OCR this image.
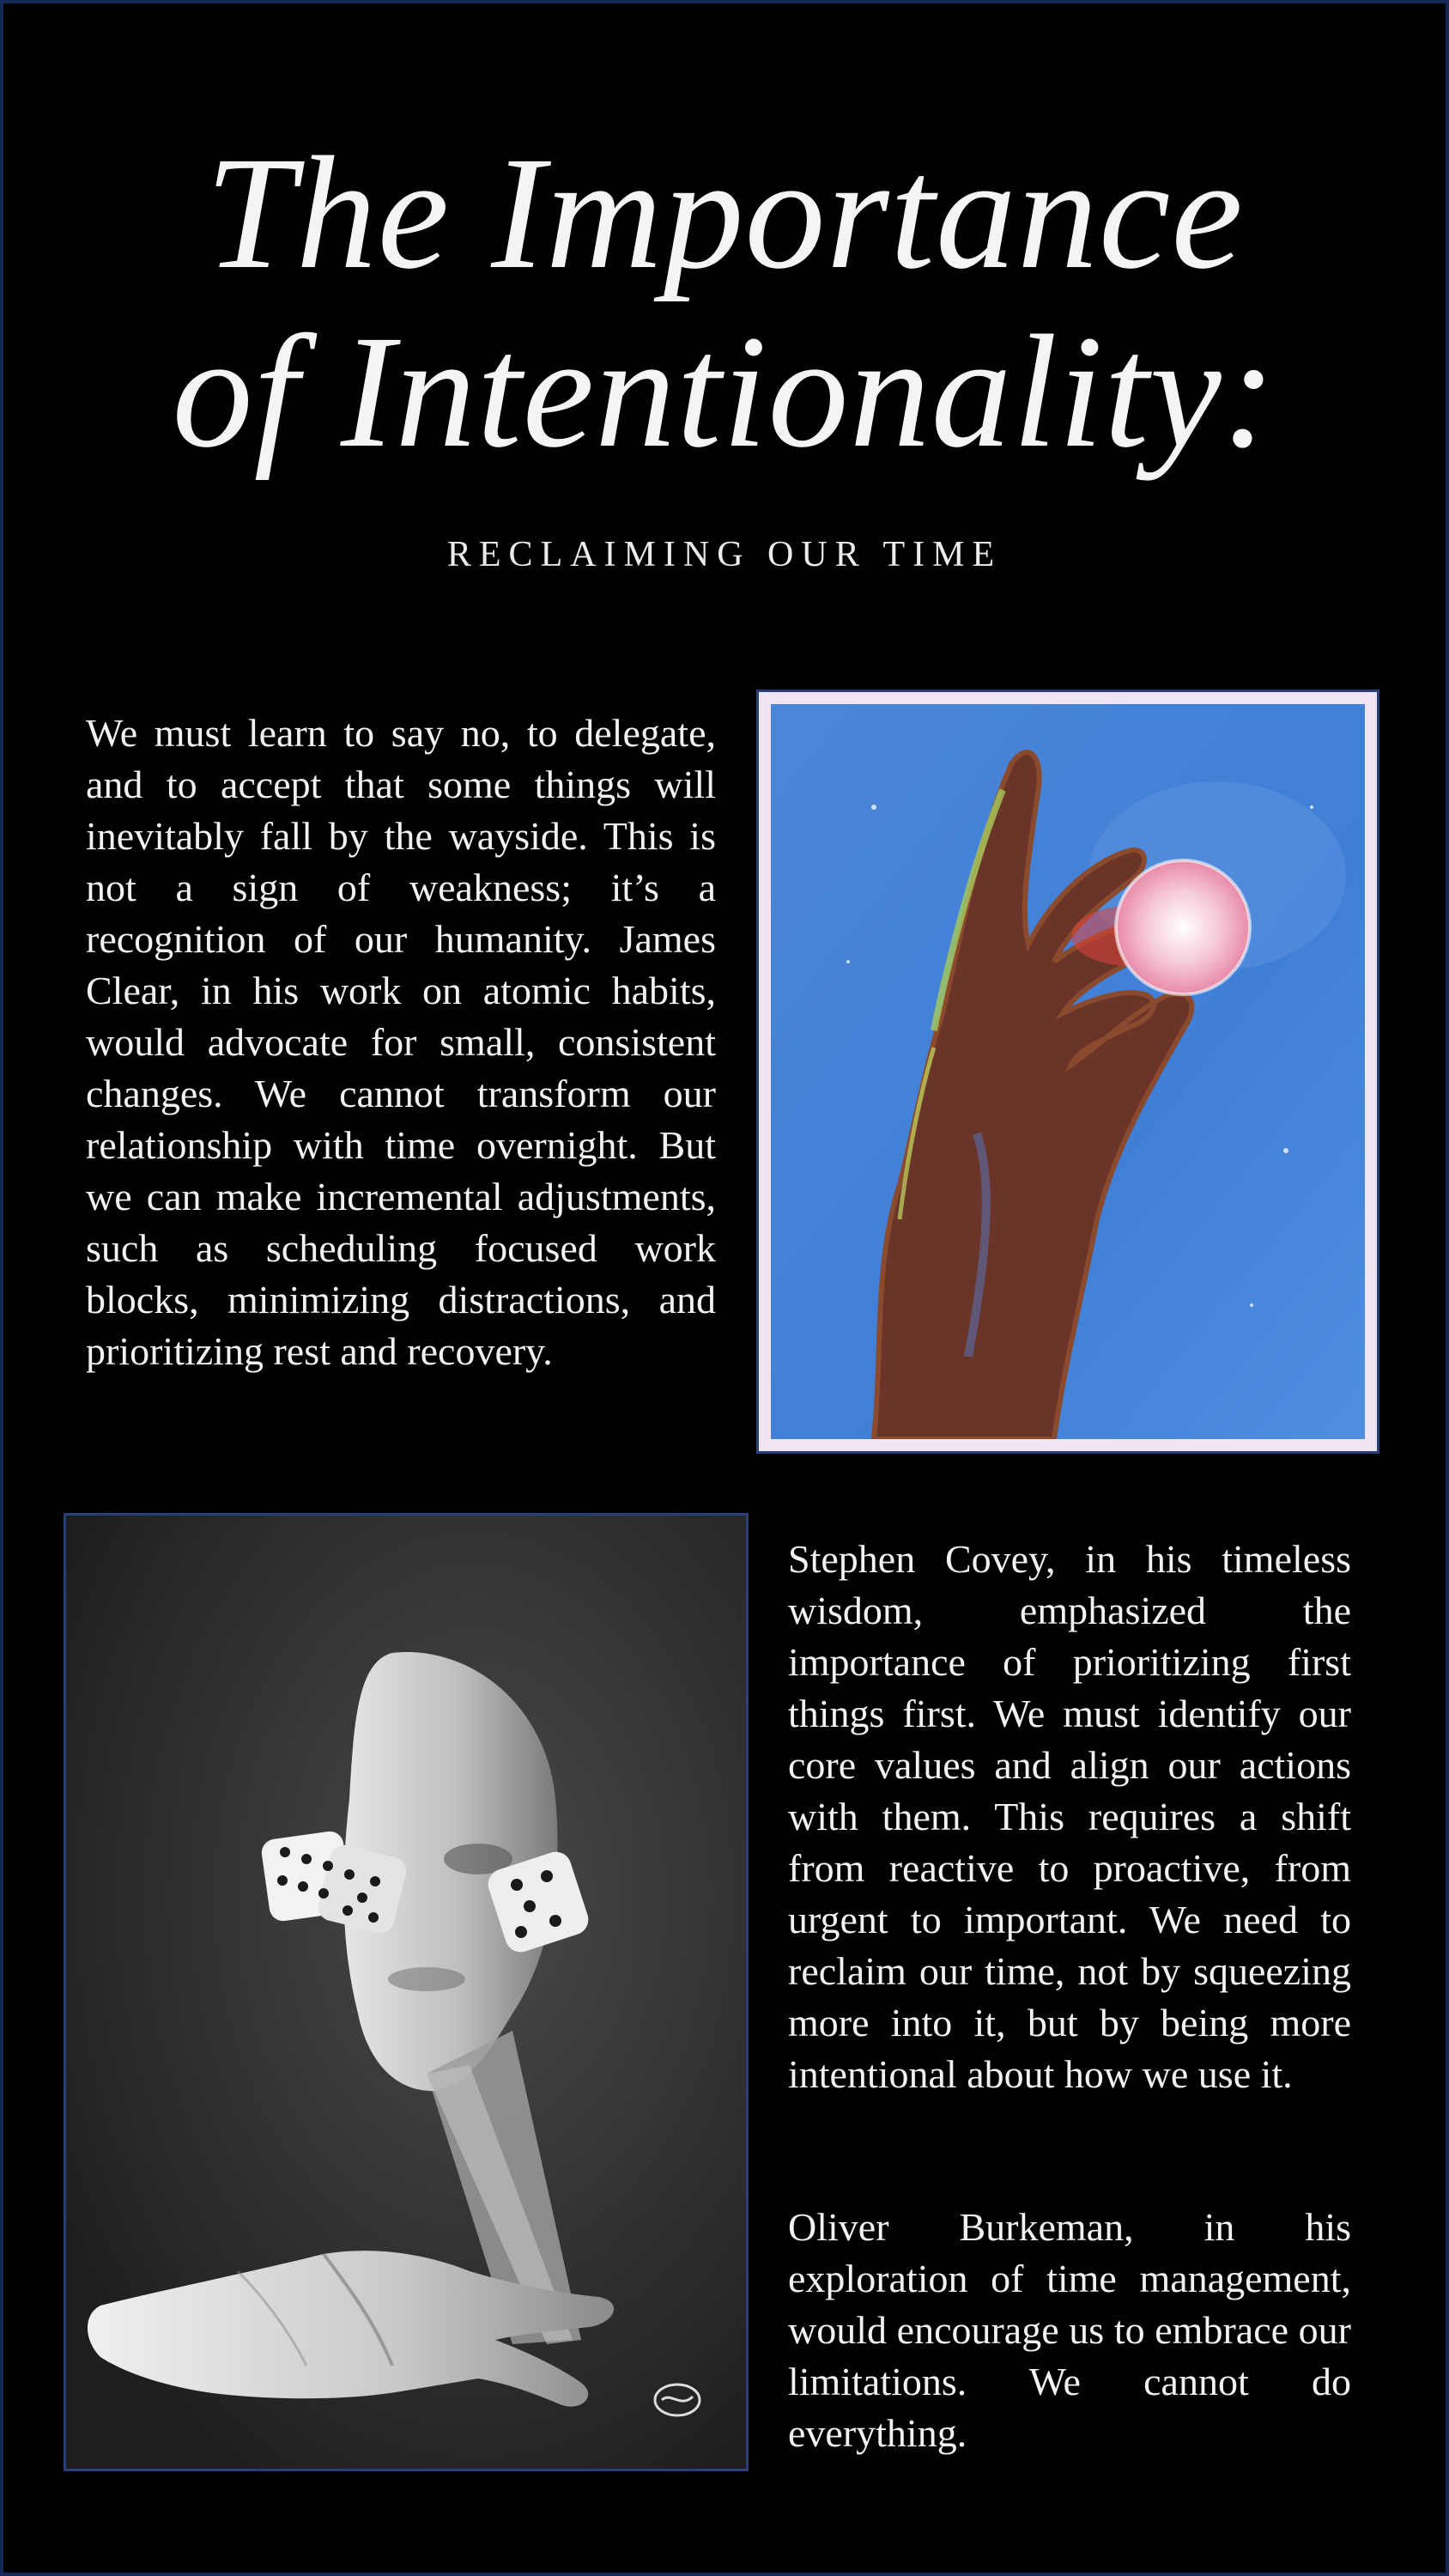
The Importance
of Intentionality:
RECLAIMING OUR TIME
We must learn to say no, to delegate, and to accept that some things will inevitably fall by the wayside. This is not a sign of weakness; it’s a recognition of our humanity. James Clear, in his work on atomic habits, would advocate for small, consistent changes. We cannot transform our relationship with time overnight. But we can make incremental adjustments, such as scheduling focused work blocks, minimizing distractions, and prioritizing rest and recovery.
Stephen Covey, in his timeless wisdom, emphasized the importance of prioritizing first things first. We must identify our core values and align our actions with them. This requires a shift from reactive to proactive, from urgent to important. We need to reclaim our time, not by squeezing more into it, but by being more intentional about how we use it.
Oliver Burkeman, in his exploration of time management, would encourage us to embrace our limitations. We cannot do everything.
